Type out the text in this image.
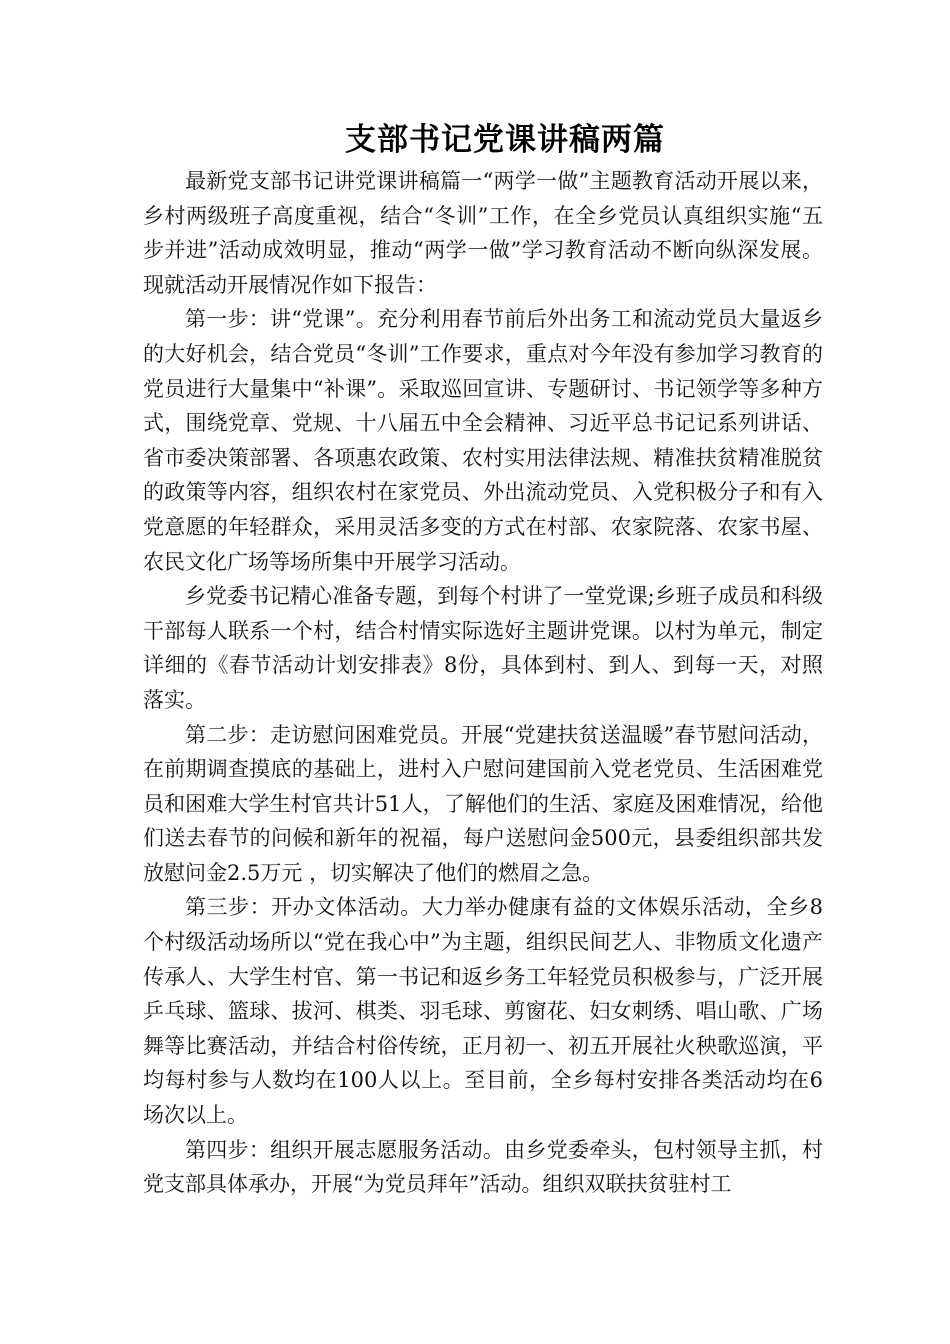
支部书记党课讲稿两篇

最新党支部书记讲党课讲稿篇一“两学一做”主题教育活动开展以来，乡村两级班子高度重视，结合“冬训”工作，在全乡党员认真组织实施“五步并进”活动成效明显，推动“两学一做”学习教育活动不断向纵深发展。现就活动开展情况作如下报告：

第一步：讲“党课”。充分利用春节前后外出务工和流动党员大量返乡的大好机会，结合党员“冬训”工作要求，重点对今年没有参加学习教育的党员进行大量集中“补课”。采取巡回宣讲、专题研讨、书记领学等多种方式，围绕党章、党规、十八届五中全会精神、习近平总书记记系列讲话、省市委决策部署、各项惠农政策、农村实用法律法规、精准扶贫精准脱贫的政策等内容，组织农村在家党员、外出流动党员、入党积极分子和有入党意愿的年轻群众，采用灵活多变的方式在村部、农家院落、农家书屋、农民文化广场等场所集中开展学习活动。

乡党委书记精心准备专题，到每个村讲了一堂党课;乡班子成员和科级干部每人联系一个村，结合村情实际选好主题讲党课。以村为单元，制定详细的《春节活动计划安排表》8份，具体到村、到人、到每一天，对照落实。

第二步：走访慰问困难党员。开展“党建扶贫送温暖”春节慰问活动，在前期调查摸底的基础上，进村入户慰问建国前入党老党员、生活困难党员和困难大学生村官共计51人，了解他们的生活、家庭及困难情况，给他们送去春节的问候和新年的祝福，每户送慰问金500元，县委组织部共发放慰问金2.5万元 ，切实解决了他们的燃眉之急。

第三步：开办文体活动。大力举办健康有益的文体娱乐活动，全乡8个村级活动场所以“党在我心中”为主题，组织民间艺人、非物质文化遗产传承人、大学生村官、第一书记和返乡务工年轻党员积极参与，广泛开展乒乓球、篮球、拔河、棋类、羽毛球、剪窗花、妇女刺绣、唱山歌、广场舞等比赛活动，并结合村俗传统，正月初一、初五开展社火秧歌巡演，平均每村参与人数均在100人以上。至目前，全乡每村安排各类活动均在6场次以上。

第四步：组织开展志愿服务活动。由乡党委牵头，包村领导主抓，村党支部具体承办，开展“为党员拜年”活动。组织双联扶贫驻村工
